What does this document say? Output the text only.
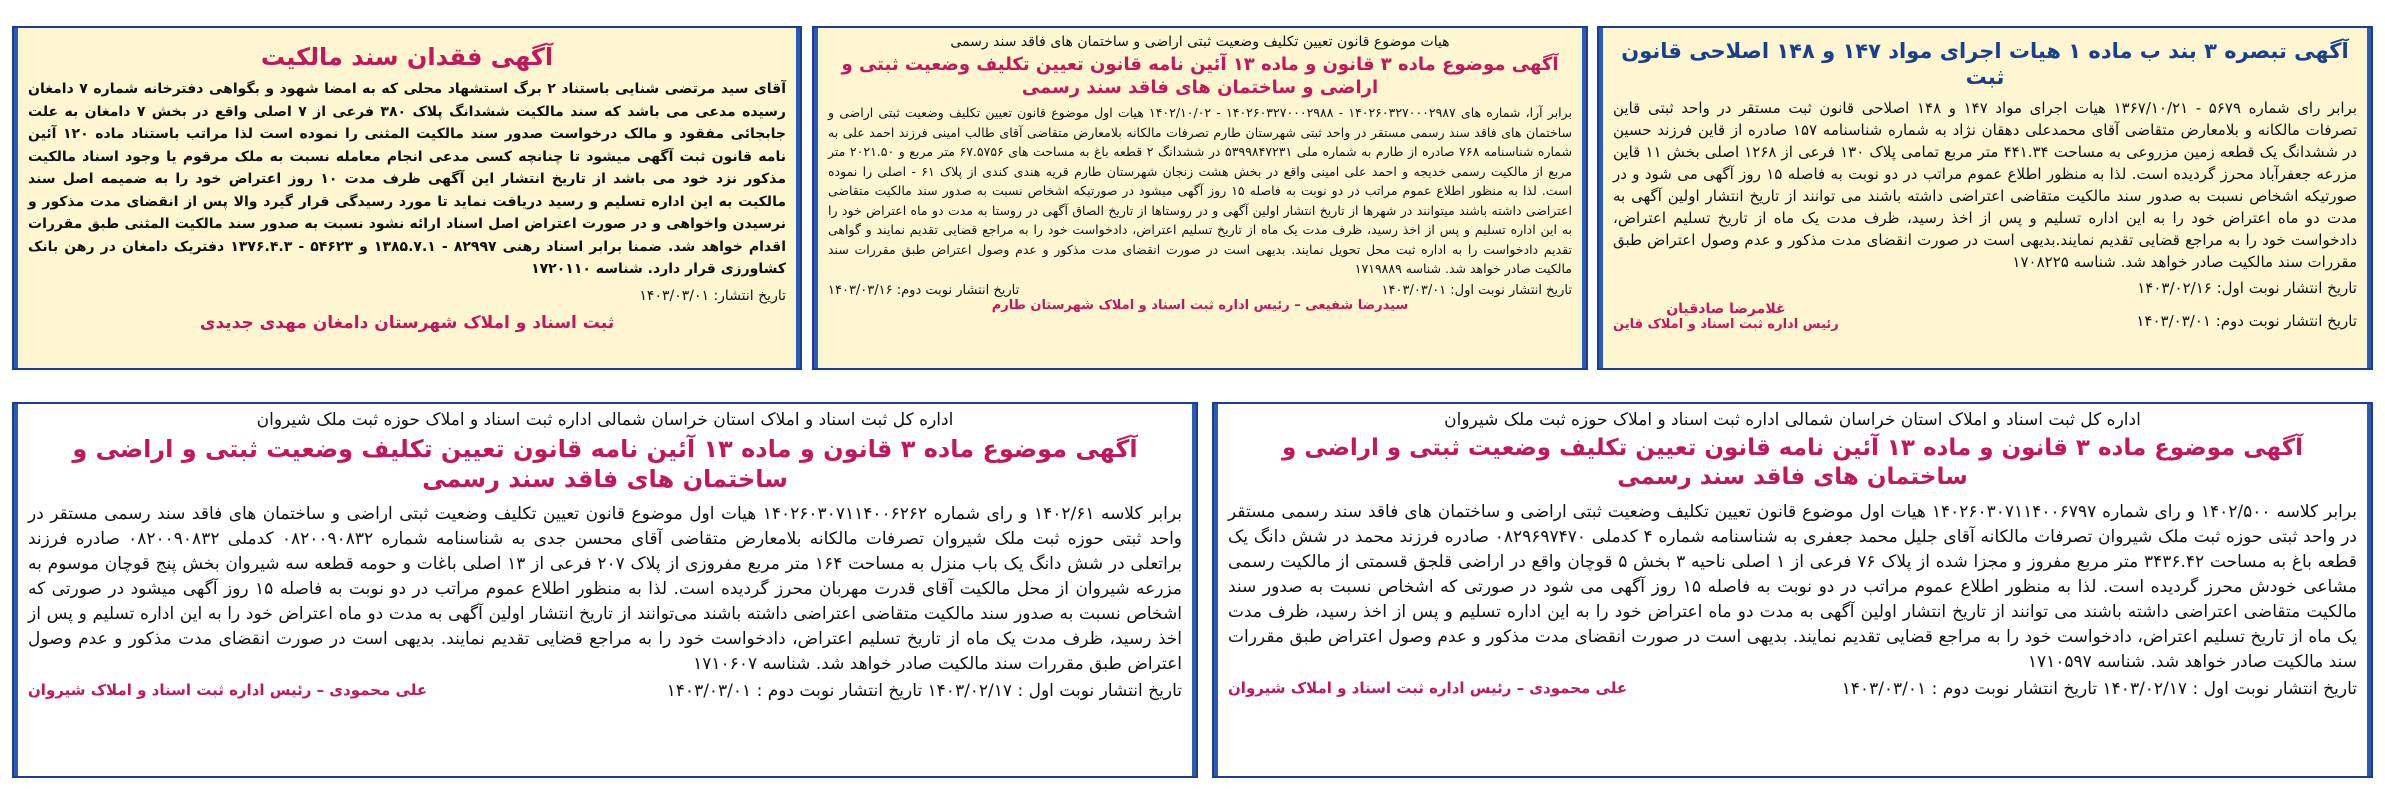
آگهی تبصره ۳ بند ب ماده ۱ هیات اجرای مواد ۱۴۷ و ۱۴۸ اصلاحی قانون ثبت
برابر رای شماره ۵۶۷۹ - ۱۳۶۷/۱۰/۲۱ هیات اجرای مواد ۱۴۷ و ۱۴۸ اصلاحی قانون ثبت مستقر در واحد ثبتی قاین تصرفات مالکانه و بلامعارض متقاضی آقای محمدعلی دهقان نژاد به شماره شناسنامه ۱۵۷ صادره از قاین فرزند حسین در ششدانگ یک قطعه زمین مزروعی به مساحت ۴۴۱.۳۴ متر مربع تمامی پلاک ۱۳۰ فرعی از ۱۲۶۸ اصلی بخش ۱۱ قاین مزرعه جعفرآباد محرز گردیده است. لذا به منظور اطلاع عموم مراتب در دو نوبت به فاصله ۱۵ روز آگهی می شود و در صورتیکه اشخاص نسبت به صدور سند مالکیت متقاضی اعتراضی داشته باشند می توانند از تاریخ انتشار اولین آگهی به مدت دو ماه اعتراض خود را به این اداره تسلیم و پس از اخذ رسید، ظرف مدت یک ماه از تاریخ تسلیم اعتراض، دادخواست خود را به مراجع قضایی تقدیم نمایند.بدیهی است در صورت انقضای مدت مذکور و عدم وصول اعتراض طبق مقررات سند مالکیت صادر خواهد شد. شناسه ۱۷۰۸۲۲۵
تاریخ انتشار نوبت اول: ۱۴۰۳/۰۲/۱۶
تاریخ انتشار نوبت دوم: ۱۴۰۳/۰۳/۰۱
غلامرضا صادقیان
رئیس اداره ثبت اسناد و املاک قاین
هیات موضوع قانون تعیین تکلیف وضعیت ثبتی اراضی و ساختمان های فاقد سند رسمی
آگهی موضوع ماده ۳ قانون و ماده ۱۳ آئین نامه قانون تعیین تکلیف وضعیت ثبتی و اراضی و ساختمان های فاقد سند رسمی
برابر آرا، شماره های ۱۴۰۲۶۰۳۲۷۰۰۰۲۹۸۷ - ۱۴۰۲۶۰۳۲۷۰۰۰۲۹۸۸ - ۱۴۰۲/۱۰/۰۲ هیات اول موضوع قانون تعیین تکلیف وضعیت ثبتی اراضی و ساختمان های فاقد سند رسمی مستقر در واحد ثبتی شهرستان طارم تصرفات مالکانه بلامعارض متقاضی آقای طالب امینی فرزند احمد علی به شماره شناسنامه ۷۶۸ صادره از طارم به شماره ملی ۵۳۹۹۸۴۷۲۳۱ در ششدانگ ۲ قطعه باغ به مساحت های ۶۷.۵۷۵۶ متر مربع و ۲۰۲۱.۵۰ متر مربع از مالکیت رسمی خدیجه و احمد علی امینی واقع در بخش هشت زنجان شهرستان طارم قریه هندی کندی از پلاک ۶۱ - اصلی را نموده است. لذا به منظور اطلاع عموم مراتب در دو نوبت به فاصله ۱۵ روز آگهی میشود در صورتیکه اشخاص نسبت به صدور سند مالکیت متقاضی اعتراضی داشته باشند میتوانند در شهرها از تاریخ انتشار اولین آگهی و در روستاها از تاریخ الصاق آگهی در روستا به مدت دو ماه اعتراض خود را به این اداره تسلیم و پس از اخذ رسید، ظرف مدت یک ماه از تاریخ تسلیم اعتراض، دادخواست خود را به مراجع قضایی تقدیم نمایند و گواهی تقدیم دادخواست را به اداره ثبت محل تحویل نمایند. بدیهی است در صورت انقضای مدت مذکور و عدم وصول اعتراض طبق مقررات سند مالکیت صادر خواهد شد. شناسه ۱۷۱۹۸۸۹
تاریخ انتشار نوبت اول: ۱۴۰۳/۰۳/۰۱
تاریخ انتشار نوبت دوم: ۱۴۰۳/۰۳/۱۶
سیدرضا شفیعی – رئیس اداره ثبت اسناد و املاک شهرستان طارم
آگهی فقدان سند مالکیت
آقای سید مرتضی شنایی باستناد ۲ برگ استشهاد محلی که به امضا شهود و بگواهی دفترخانه شماره ۷ دامغان رسیده مدعی می باشد که سند مالکیت ششدانگ پلاک ۳۸۰ فرعی از ۷ اصلی واقع در بخش ۷ دامغان به علت جابجائی مفقود و مالک درخواست صدور سند مالکیت المثنی را نموده است لذا مراتب باستناد ماده ۱۲۰ آئین نامه قانون ثبت آگهی میشود تا چنانچه کسی مدعی انجام معامله نسبت به ملک مرقوم یا وجود اسناد مالکیت مذکور نزد خود می باشد از تاریخ انتشار این آگهی ظرف مدت ۱۰ روز اعتراض خود را به ضمیمه اصل سند مالکیت به این اداره تسلیم و رسید دریافت نماید تا مورد رسیدگی قرار گیرد والا پس از انقضای مدت مذکور و نرسیدن واخواهی و در صورت اعتراض اصل اسناد ارائه نشود نسبت به صدور سند مالکیت المثنی طبق مقررات اقدام خواهد شد. ضمنا برابر اسناد رهنی ۸۲۹۹۷ - ۱۳۸۵.۷.۱ و ۵۴۶۲۳ - ۱۳۷۶.۴.۳ دفتریک دامغان در رهن بانک کشاورزی قرار دارد. شناسه ۱۷۲۰۱۱۰
تاریخ انتشار: ۱۴۰۳/۰۳/۰۱
ثبت اسناد و املاک شهرستان دامغان مهدی جدیدی
اداره کل ثبت اسناد و املاک استان خراسان شمالی اداره ثبت اسناد و املاک حوزه ثبت ملک شیروان
آگهی موضوع ماده ۳ قانون و ماده ۱۳ آئین نامه قانون تعیین تکلیف وضعیت ثبتی و اراضی و ساختمان های فاقد سند رسمی
برابر کلاسه ۱۴۰۲/۵۰۰ و رای شماره ۱۴۰۲۶۰۳۰۷۱۱۴۰۰۶۷۹۷ هیات اول موضوع قانون تعیین تکلیف وضعیت ثبتی اراضی و ساختمان های فاقد سند رسمی مستقر در واحد ثبتی حوزه ثبت ملک شیروان تصرفات مالکانه آقای جلیل محمد جعفری به شناسنامه شماره ۴ کدملی ۰۸۲۹۶۹۷۴۷۰ صادره فرزند محمد در شش دانگ یک قطعه باغ به مساحت ۳۴۳۶.۴۲ متر مربع مفروز و مجزا شده از پلاک ۷۶ فرعی از ۱ اصلی ناحیه ۳ بخش ۵ قوچان واقع در اراضی قلجق قسمتی از مالکیت رسمی مشاعی خودش محرز گردیده است. لذا به منظور اطلاع عموم مراتب در دو نوبت به فاصله ۱۵ روز آگهی می شود در صورتی که اشخاص نسبت به صدور سند مالکیت متقاضی اعتراضی داشته باشند می توانند از تاریخ انتشار اولین آگهی به مدت دو ماه اعتراض خود را به این اداره تسلیم و پس از اخذ رسید، ظرف مدت یک ماه از تاریخ تسلیم اعتراض، دادخواست خود را به مراجع قضایی تقدیم نمایند. بدیهی است در صورت انقضای مدت مذکور و عدم وصول اعتراض طبق مقررات سند مالکیت صادر خواهد شد. شناسه ۱۷۱۰۵۹۷
تاریخ انتشار نوبت اول : ۱۴۰۳/۰۲/۱۷ تاریخ انتشار نوبت دوم : ۱۴۰۳/۰۳/۰۱
علی محمودی – رئیس اداره ثبت اسناد و املاک شیروان
اداره کل ثبت اسناد و املاک استان خراسان شمالی اداره ثبت اسناد و املاک حوزه ثبت ملک شیروان
آگهی موضوع ماده ۳ قانون و ماده ۱۳ آئین نامه قانون تعیین تکلیف وضعیت ثبتی و اراضی و ساختمان های فاقد سند رسمی
برابر کلاسه ۱۴۰۲/۶۱ و رای شماره ۱۴۰۲۶۰۳۰۷۱۱۴۰۰۶۲۶۲ هیات اول موضوع قانون تعیین تکلیف وضعیت ثبتی اراضی و ساختمان های فاقد سند رسمی مستقر در واحد ثبتی حوزه ثبت ملک شیروان تصرفات مالکانه بلامعارض متقاضی آقای محسن جدی به شناسنامه شماره ۰۸۲۰۰۹۰۸۳۲ کدملی ۰۸۲۰۰۹۰۸۳۲ صادره فرزند براتعلی در شش دانگ یک باب منزل به مساحت ۱۶۴ متر مربع مفروزی از پلاک ۲۰۷ فرعی از ۱۳ اصلی باغات و حومه قطعه سه شیروان بخش پنج قوچان موسوم به مزرعه شیروان از محل مالکیت آقای قدرت مهربان محرز گردیده است. لذا به منظور اطلاع عموم مراتب در دو نوبت به فاصله ۱۵ روز آگهی میشود در صورتی که اشخاص نسبت به صدور سند مالکیت متقاضی اعتراضی داشته باشند می‌توانند از تاریخ انتشار اولین آگهی به مدت دو ماه اعتراض خود را به این اداره تسلیم و پس از اخذ رسید، ظرف مدت یک ماه از تاریخ تسلیم اعتراض، دادخواست خود را به مراجع قضایی تقدیم نمایند. بدیهی است در صورت انقضای مدت مذکور و عدم وصول اعتراض طبق مقررات سند مالکیت صادر خواهد شد. شناسه ۱۷۱۰۶۰۷
تاریخ انتشار نوبت اول : ۱۴۰۳/۰۲/۱۷ تاریخ انتشار نوبت دوم : ۱۴۰۳/۰۳/۰۱
علی محمودی – رئیس اداره ثبت اسناد و املاک شیروان
